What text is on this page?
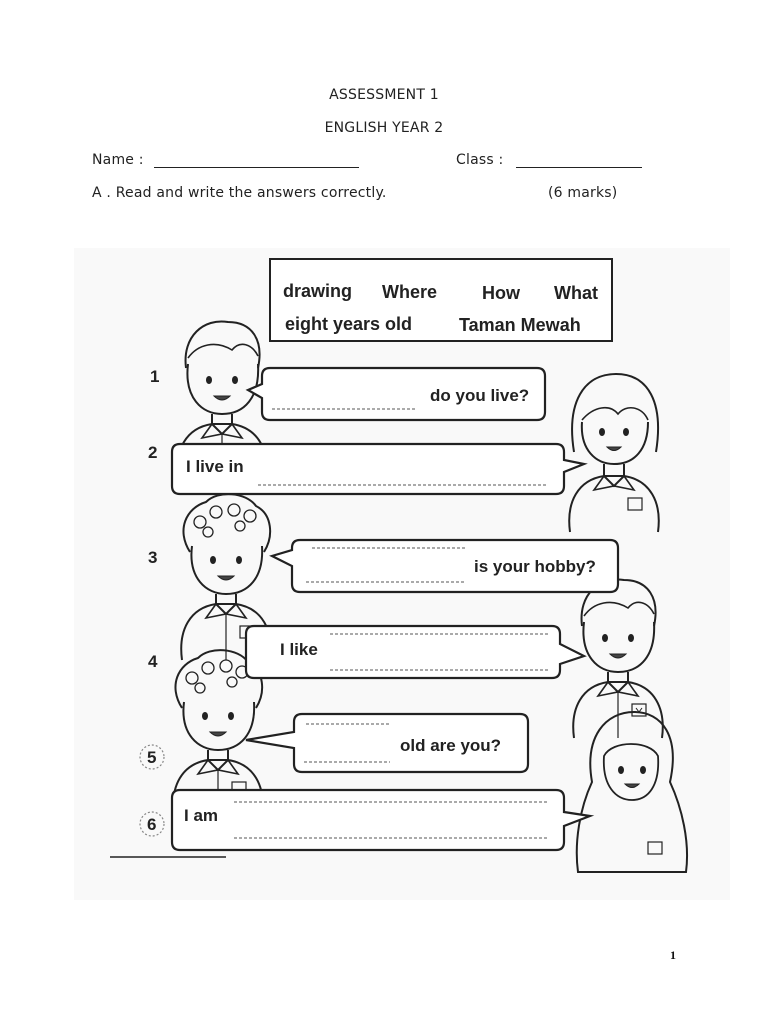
ASSESSMENT 1
ENGLISH YEAR 2
Name :	Class :
A . Read and write the answers correctly.	(6 marks)
drawing Where How What
eight years old	Taman Mewah
do you live?
I live in
is your hobby?
I like
old are you?
I am
1
2
3
4
5
6
1
